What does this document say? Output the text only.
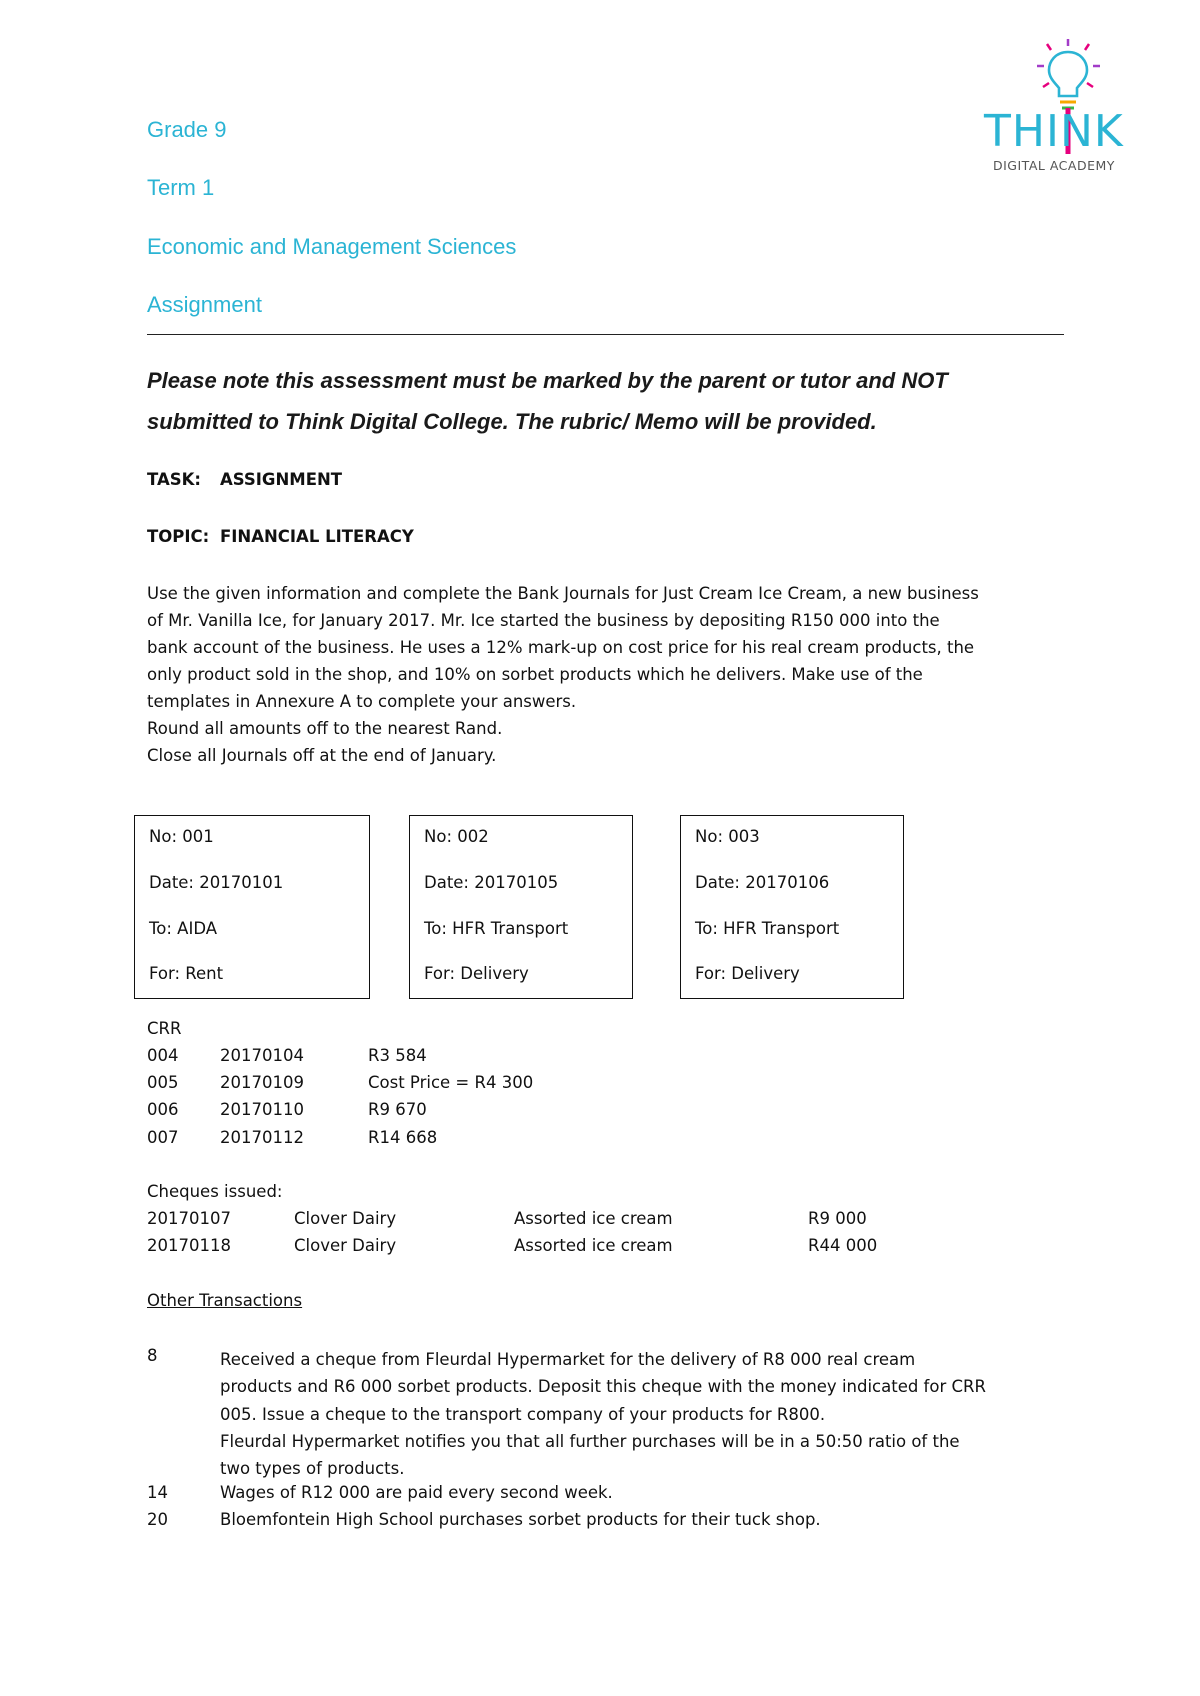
Grade 9
Term 1
Economic and Management Sciences
Assignment
THINK
DIGITAL ACADEMY
Please note this assessment must be marked by the parent or tutor and NOT
submitted to Think Digital College. The rubric/ Memo will be provided.
TASK: ASSIGNMENT
TOPIC: FINANCIAL LITERACY
Use the given information and complete the Bank Journals for Just Cream Ice Cream, a new business
of Mr. Vanilla Ice, for January 2017. Mr. Ice started the business by depositing R150 000 into the
bank account of the business. He uses a 12% mark-up on cost price for his real cream products, the
only product sold in the shop, and 10% on sorbet products which he delivers. Make use of the
templates in Annexure A to complete your answers.
Round all amounts off to the nearest Rand.
Close all Journals off at the end of January.
No: 001
Date: 20170101
To: AIDA
For: Rent
No: 002
Date: 20170105
To: HFR Transport
For: Delivery
No: 003
Date: 20170106
To: HFR Transport
For: Delivery
CRR
004	20170104	R3 584
005	20170109	Cost Price = R4 300
006	20170110	R9 670
007	20170112	R14 668
Cheques issued:
20170107	Clover Dairy	Assorted ice cream	R9 000
20170118	Clover Dairy	Assorted ice cream	R44 000
Other Transactions
8	Received a cheque from Fleurdal Hypermarket for the delivery of R8 000 real cream
products and R6 000 sorbet products. Deposit this cheque with the money indicated for CRR
005. Issue a cheque to the transport company of your products for R800.
Fleurdal Hypermarket notifies you that all further purchases will be in a 50:50 ratio of the
two types of products.
14	Wages of R12 000 are paid every second week.
20	Bloemfontein High School purchases sorbet products for their tuck shop.
